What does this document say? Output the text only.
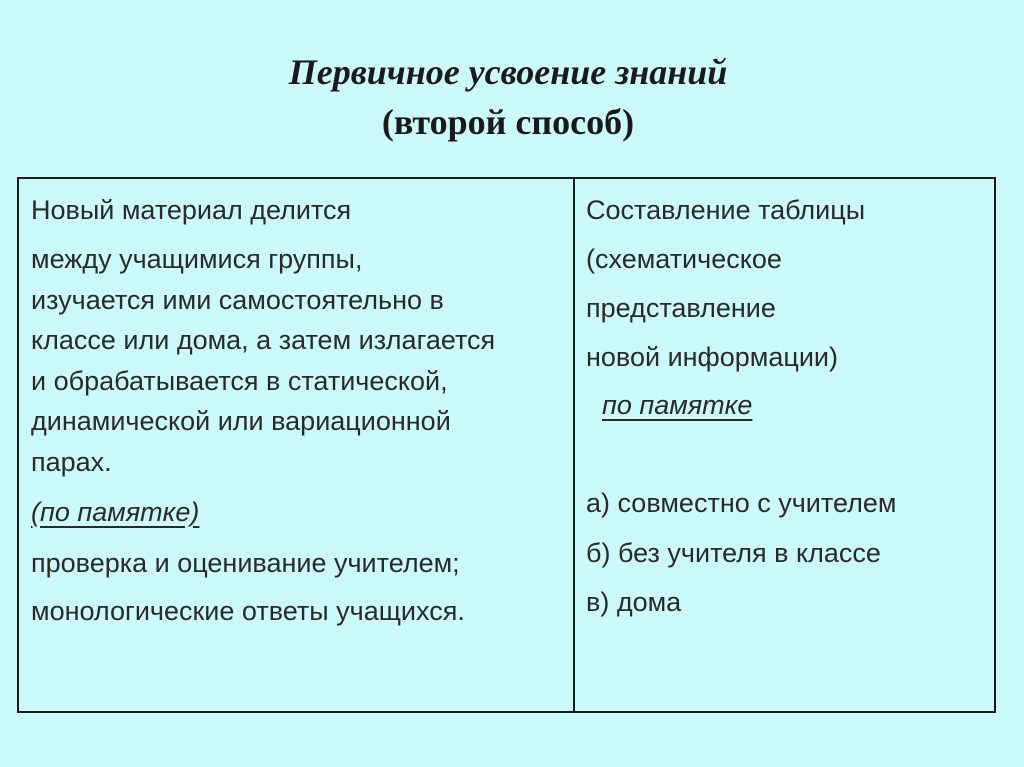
Первичное усвоение знаний
(второй способ)
Новый материал делится
между учащимися группы,
изучается ими самостоятельно в
классе или дома, а затем излагается
и обрабатывается в статической,
динамической или вариационной
парах.
(по памятке)
проверка и оценивание учителем;
монологические ответы учащихся.
Составление таблицы
(схематическое
представление
новой информации)
по памятке
а) совместно с учителем
б) без учителя в классе
в) дома
